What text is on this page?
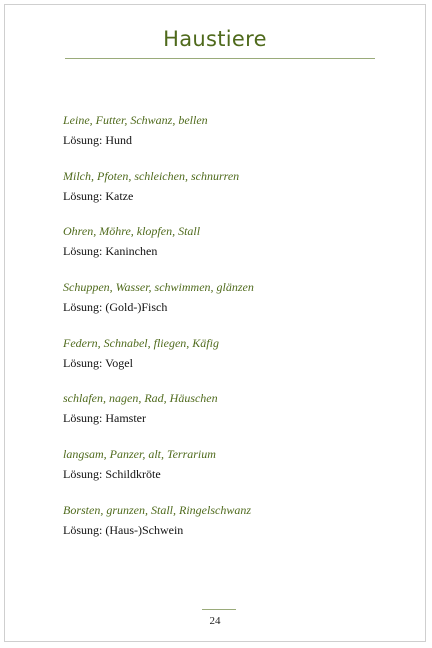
Haustiere
Leine, Futter, Schwanz, bellen
Lösung: Hund
Milch, Pfoten, schleichen, schnurren
Lösung: Katze
Ohren, Möhre, klopfen, Stall
Lösung: Kaninchen
Schuppen, Wasser, schwimmen, glänzen
Lösung: (Gold-)Fisch
Federn, Schnabel, fliegen, Käfig
Lösung: Vogel
schlafen, nagen, Rad, Häuschen
Lösung: Hamster
langsam, Panzer, alt, Terrarium
Lösung: Schildkröte
Borsten, grunzen, Stall, Ringelschwanz
Lösung: (Haus-)Schwein
24
